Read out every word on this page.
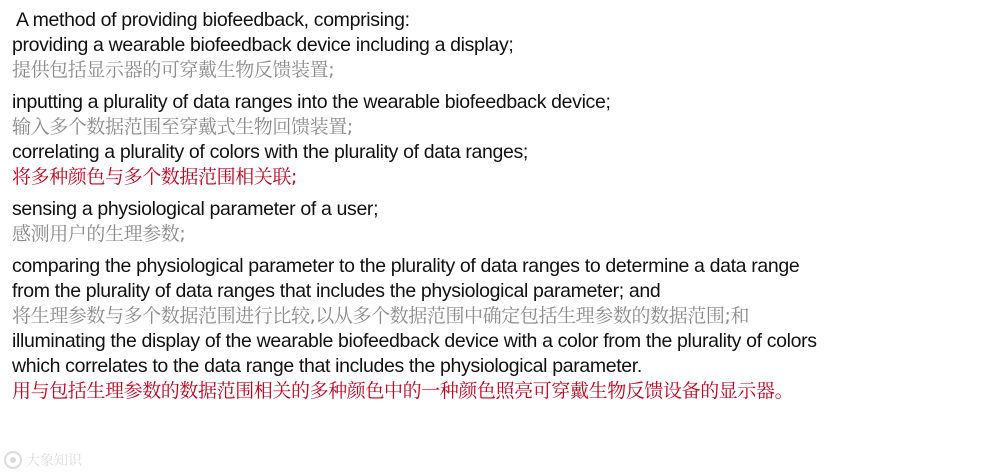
A method of providing biofeedback, comprising:
providing a wearable biofeedback device including a display;
提供包括显示器的可穿戴生物反馈装置;
inputting a plurality of data ranges into the wearable biofeedback device;
输入多个数据范围至穿戴式生物回馈装置;
correlating a plurality of colors with the plurality of data ranges;
将多种颜色与多个数据范围相关联;
sensing a physiological parameter of a user;
感测用户的生理参数;
comparing the physiological parameter to the plurality of data ranges to determine a data range
from the plurality of data ranges that includes the physiological parameter; and
将生理参数与多个数据范围进行比较,以从多个数据范围中确定包括生理参数的数据范围;和
illuminating the display of the wearable biofeedback device with a color from the plurality of colors
which correlates to the data range that includes the physiological parameter.
用与包括生理参数的数据范围相关的多种颜色中的一种颜色照亮可穿戴生物反馈设备的显示器。
大象知识
